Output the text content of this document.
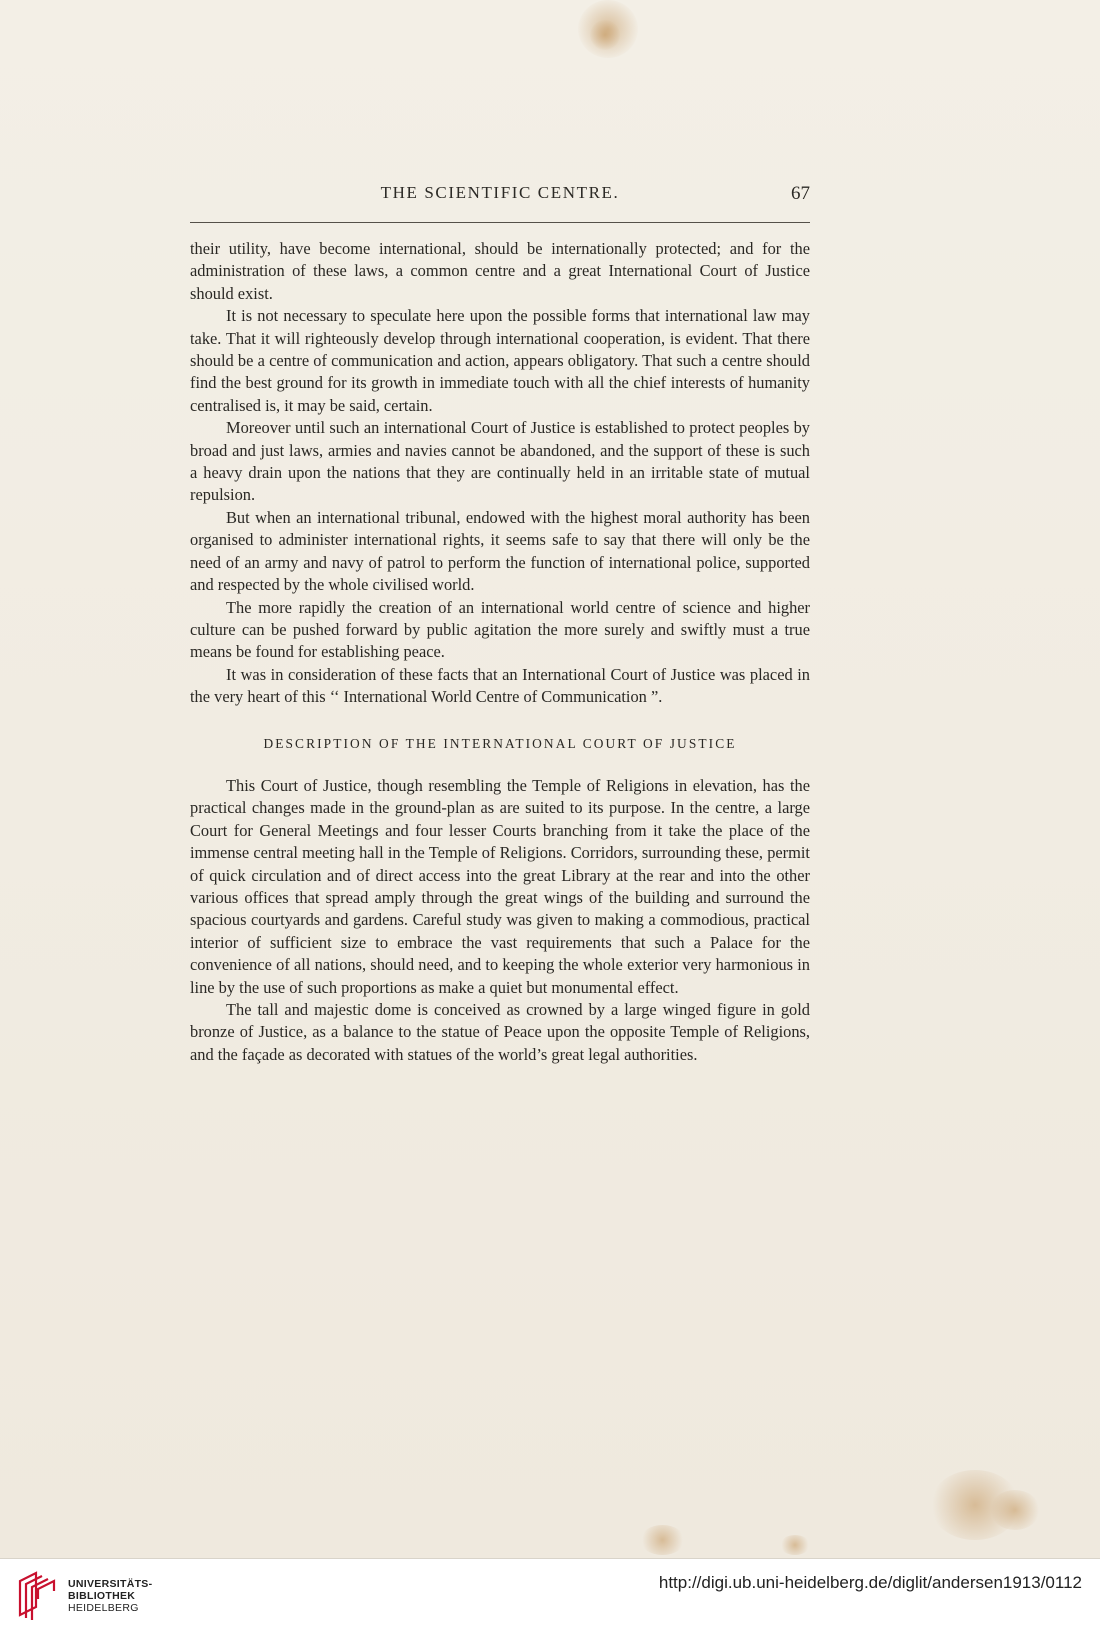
THE SCIENTIFIC CENTRE.	67

their utility, have become international, should be internationally protected; and for the administration of these laws, a common centre and a great International Court of Justice should exist.

It is not necessary to speculate here upon the possible forms that international law may take. That it will righteously develop through international cooperation, is evident. That there should be a centre of communication and action, appears obligatory. That such a centre should find the best ground for its growth in immediate touch with all the chief interests of humanity centralised is, it may be said, certain.

Moreover until such an international Court of Justice is established to protect peoples by broad and just laws, armies and navies cannot be abandoned, and the support of these is such a heavy drain upon the nations that they are continually held in an irritable state of mutual repulsion.

But when an international tribunal, endowed with the highest moral authority has been organised to administer international rights, it seems safe to say that there will only be the need of an army and navy of patrol to perform the function of international police, supported and respected by the whole civilised world.

The more rapidly the creation of an international world centre of science and higher culture can be pushed forward by public agitation the more surely and swiftly must a true means be found for establishing peace.

It was in consideration of these facts that an International Court of Justice was placed in the very heart of this ‘‘ International World Centre of Communication ”.

DESCRIPTION OF THE INTERNATIONAL COURT OF JUSTICE

This Court of Justice, though resembling the Temple of Religions in elevation, has the practical changes made in the ground-plan as are suited to its purpose. In the centre, a large Court for General Meetings and four lesser Courts branching from it take the place of the immense central meeting hall in the Temple of Religions. Corridors, surrounding these, permit of quick circulation and of direct access into the great Library at the rear and into the other various offices that spread amply through the great wings of the building and surround the spacious courtyards and gardens. Careful study was given to making a commodious, practical interior of sufficient size to embrace the vast requirements that such a Palace for the convenience of all nations, should need, and to keeping the whole exterior very harmonious in line by the use of such proportions as make a quiet but monumental effect.

The tall and majestic dome is conceived as crowned by a large winged figure in gold bronze of Justice, as a balance to the statue of Peace upon the opposite Temple of Religions, and the façade as decorated with statues of the world’s great legal authorities.

UNIVERSITÄTS-
BIBLIOTHEK
HEIDELBERG
http://digi.ub.uni-heidelberg.de/diglit/andersen1913/0112
